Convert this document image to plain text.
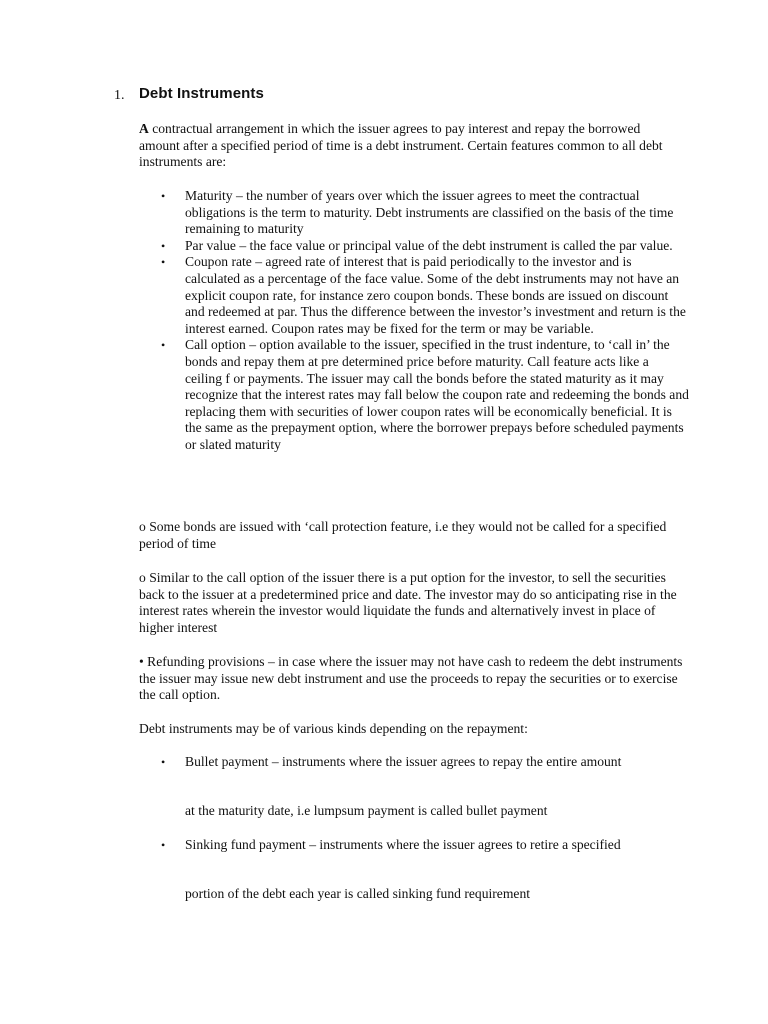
1. Debt Instruments

A contractual arrangement in which the issuer agrees to pay interest and repay the borrowed amount after a specified period of time is a debt instrument. Certain features common to all debt instruments are:

• Maturity – the number of years over which the issuer agrees to meet the contractual obligations is the term to maturity. Debt instruments are classified on the basis of the time remaining to maturity
• Par value – the face value or principal value of the debt instrument is called the par value.
• Coupon rate – agreed rate of interest that is paid periodically to the investor and is calculated as a percentage of the face value. Some of the debt instruments may not have an explicit coupon rate, for instance zero coupon bonds. These bonds are issued on discount and redeemed at par. Thus the difference between the investor’s investment and return is the interest earned. Coupon rates may be fixed for the term or may be variable.
• Call option – option available to the issuer, specified in the trust indenture, to ‘call in’ the bonds and repay them at pre determined price before maturity. Call feature acts like a ceiling f or payments. The issuer may call the bonds before the stated maturity as it may recognize that the interest rates may fall below the coupon rate and redeeming the bonds and replacing them with securities of lower coupon rates will be economically beneficial. It is the same as the prepayment option, where the borrower prepays before scheduled payments or slated maturity

o Some bonds are issued with ‘call protection feature, i.e they would not be called for a specified period of time

o Similar to the call option of the issuer there is a put option for the investor, to sell the securities back to the issuer at a predetermined price and date. The investor may do so anticipating rise in the interest rates wherein the investor would liquidate the funds and alternatively invest in place of higher interest

• Refunding provisions – in case where the issuer may not have cash to redeem the debt instruments the issuer may issue new debt instrument and use the proceeds to repay the securities or to exercise the call option.

Debt instruments may be of various kinds depending on the repayment:

• Bullet payment – instruments where the issuer agrees to repay the entire amount
at the maturity date, i.e lumpsum payment is called bullet payment
• Sinking fund payment – instruments where the issuer agrees to retire a specified
portion of the debt each year is called sinking fund requirement
